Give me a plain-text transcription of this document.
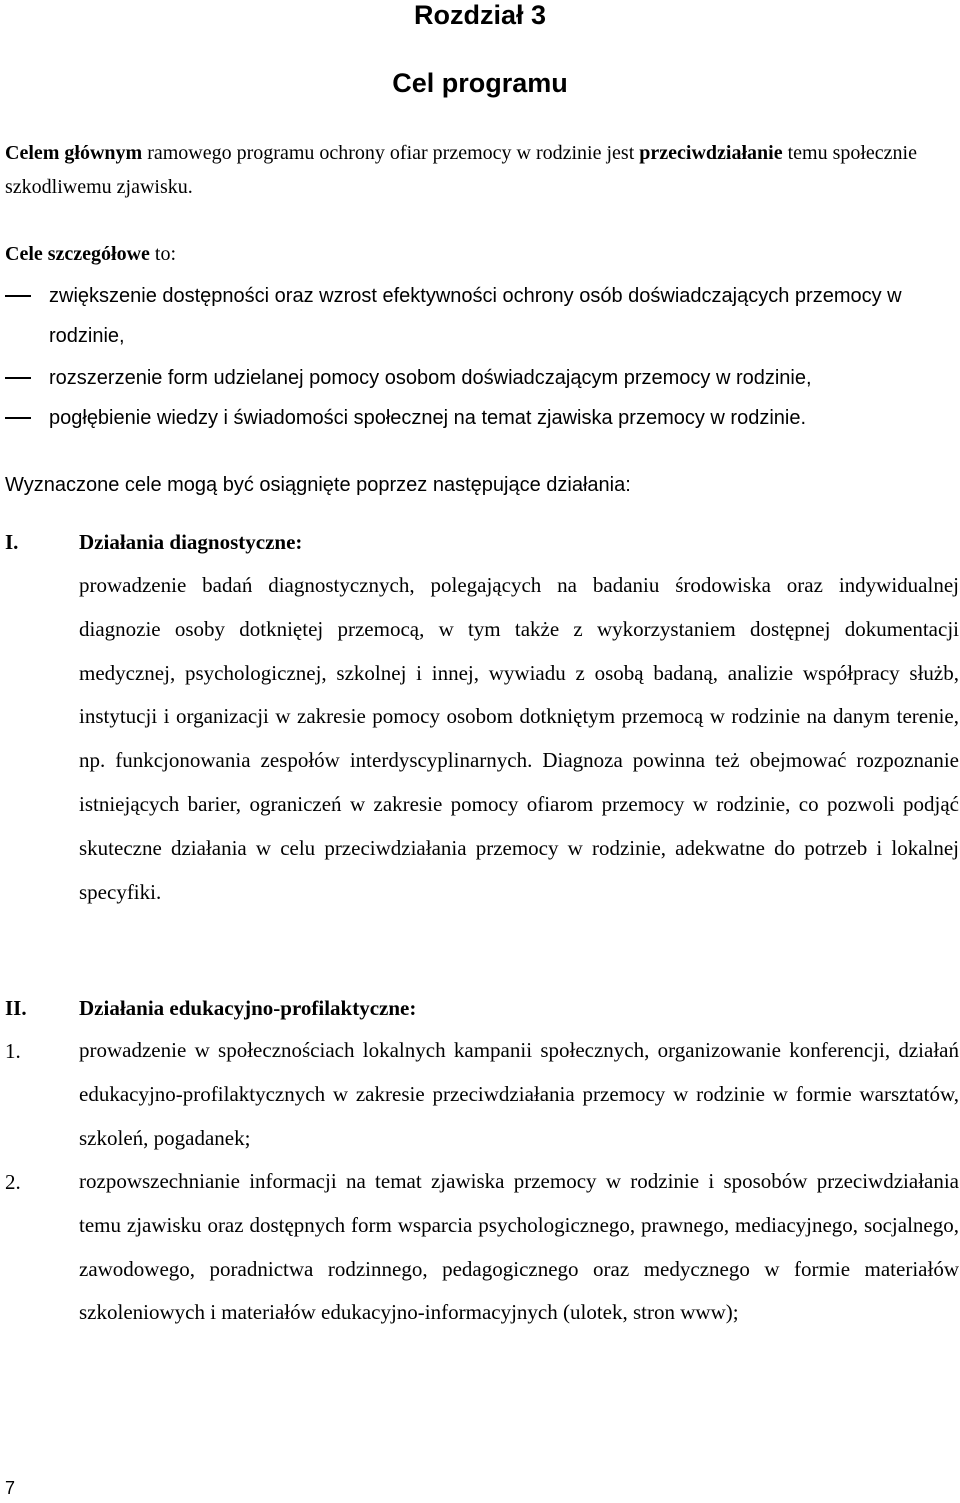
Rozdział 3
Cel programu
Celem głównym ramowego programu ochrony ofiar przemocy w rodzinie jest przeciwdziałanie temu społecznie szkodliwemu zjawisku.
Cele szczegółowe to:
zwiększenie dostępności oraz wzrost efektywności ochrony osób doświadczających przemocy w rodzinie,
rozszerzenie form udzielanej pomocy osobom doświadczającym przemocy w rodzinie,
pogłębienie wiedzy i świadomości społecznej na temat zjawiska przemocy w rodzinie.
Wyznaczone cele mogą być osiągnięte poprzez następujące działania:
I.	Działania diagnostyczne:
prowadzenie badań diagnostycznych, polegających na badaniu środowiska oraz indywidualnej diagnozie osoby dotkniętej przemocą, w tym także z wykorzystaniem dostępnej dokumentacji medycznej, psychologicznej, szkolnej i innej, wywiadu z osobą badaną, analizie współpracy służb, instytucji i organizacji w zakresie pomocy osobom dotkniętym przemocą w rodzinie na danym terenie, np. funkcjonowania zespołów interdyscyplinarnych. Diagnoza powinna też obejmować rozpoznanie istniejących barier, ograniczeń w zakresie pomocy ofiarom przemocy w rodzinie, co pozwoli podjąć skuteczne działania w celu przeciwdziałania przemocy w rodzinie, adekwatne do potrzeb i lokalnej specyfiki.
II. Działania edukacyjno-profilaktyczne:
1.	prowadzenie w społecznościach lokalnych kampanii społecznych, organizowanie konferencji, działań edukacyjno-profilaktycznych w zakresie przeciwdziałania przemocy w rodzinie w formie warsztatów, szkoleń, pogadanek;
2.	rozpowszechnianie informacji na temat zjawiska przemocy w rodzinie i sposobów przeciwdziałania temu zjawisku oraz dostępnych form wsparcia psychologicznego, prawnego, mediacyjnego, socjalnego, zawodowego, poradnictwa rodzinnego, pedagogicznego oraz medycznego w formie materiałów szkoleniowych i materiałów edukacyjno-informacyjnych (ulotek, stron www);
7
